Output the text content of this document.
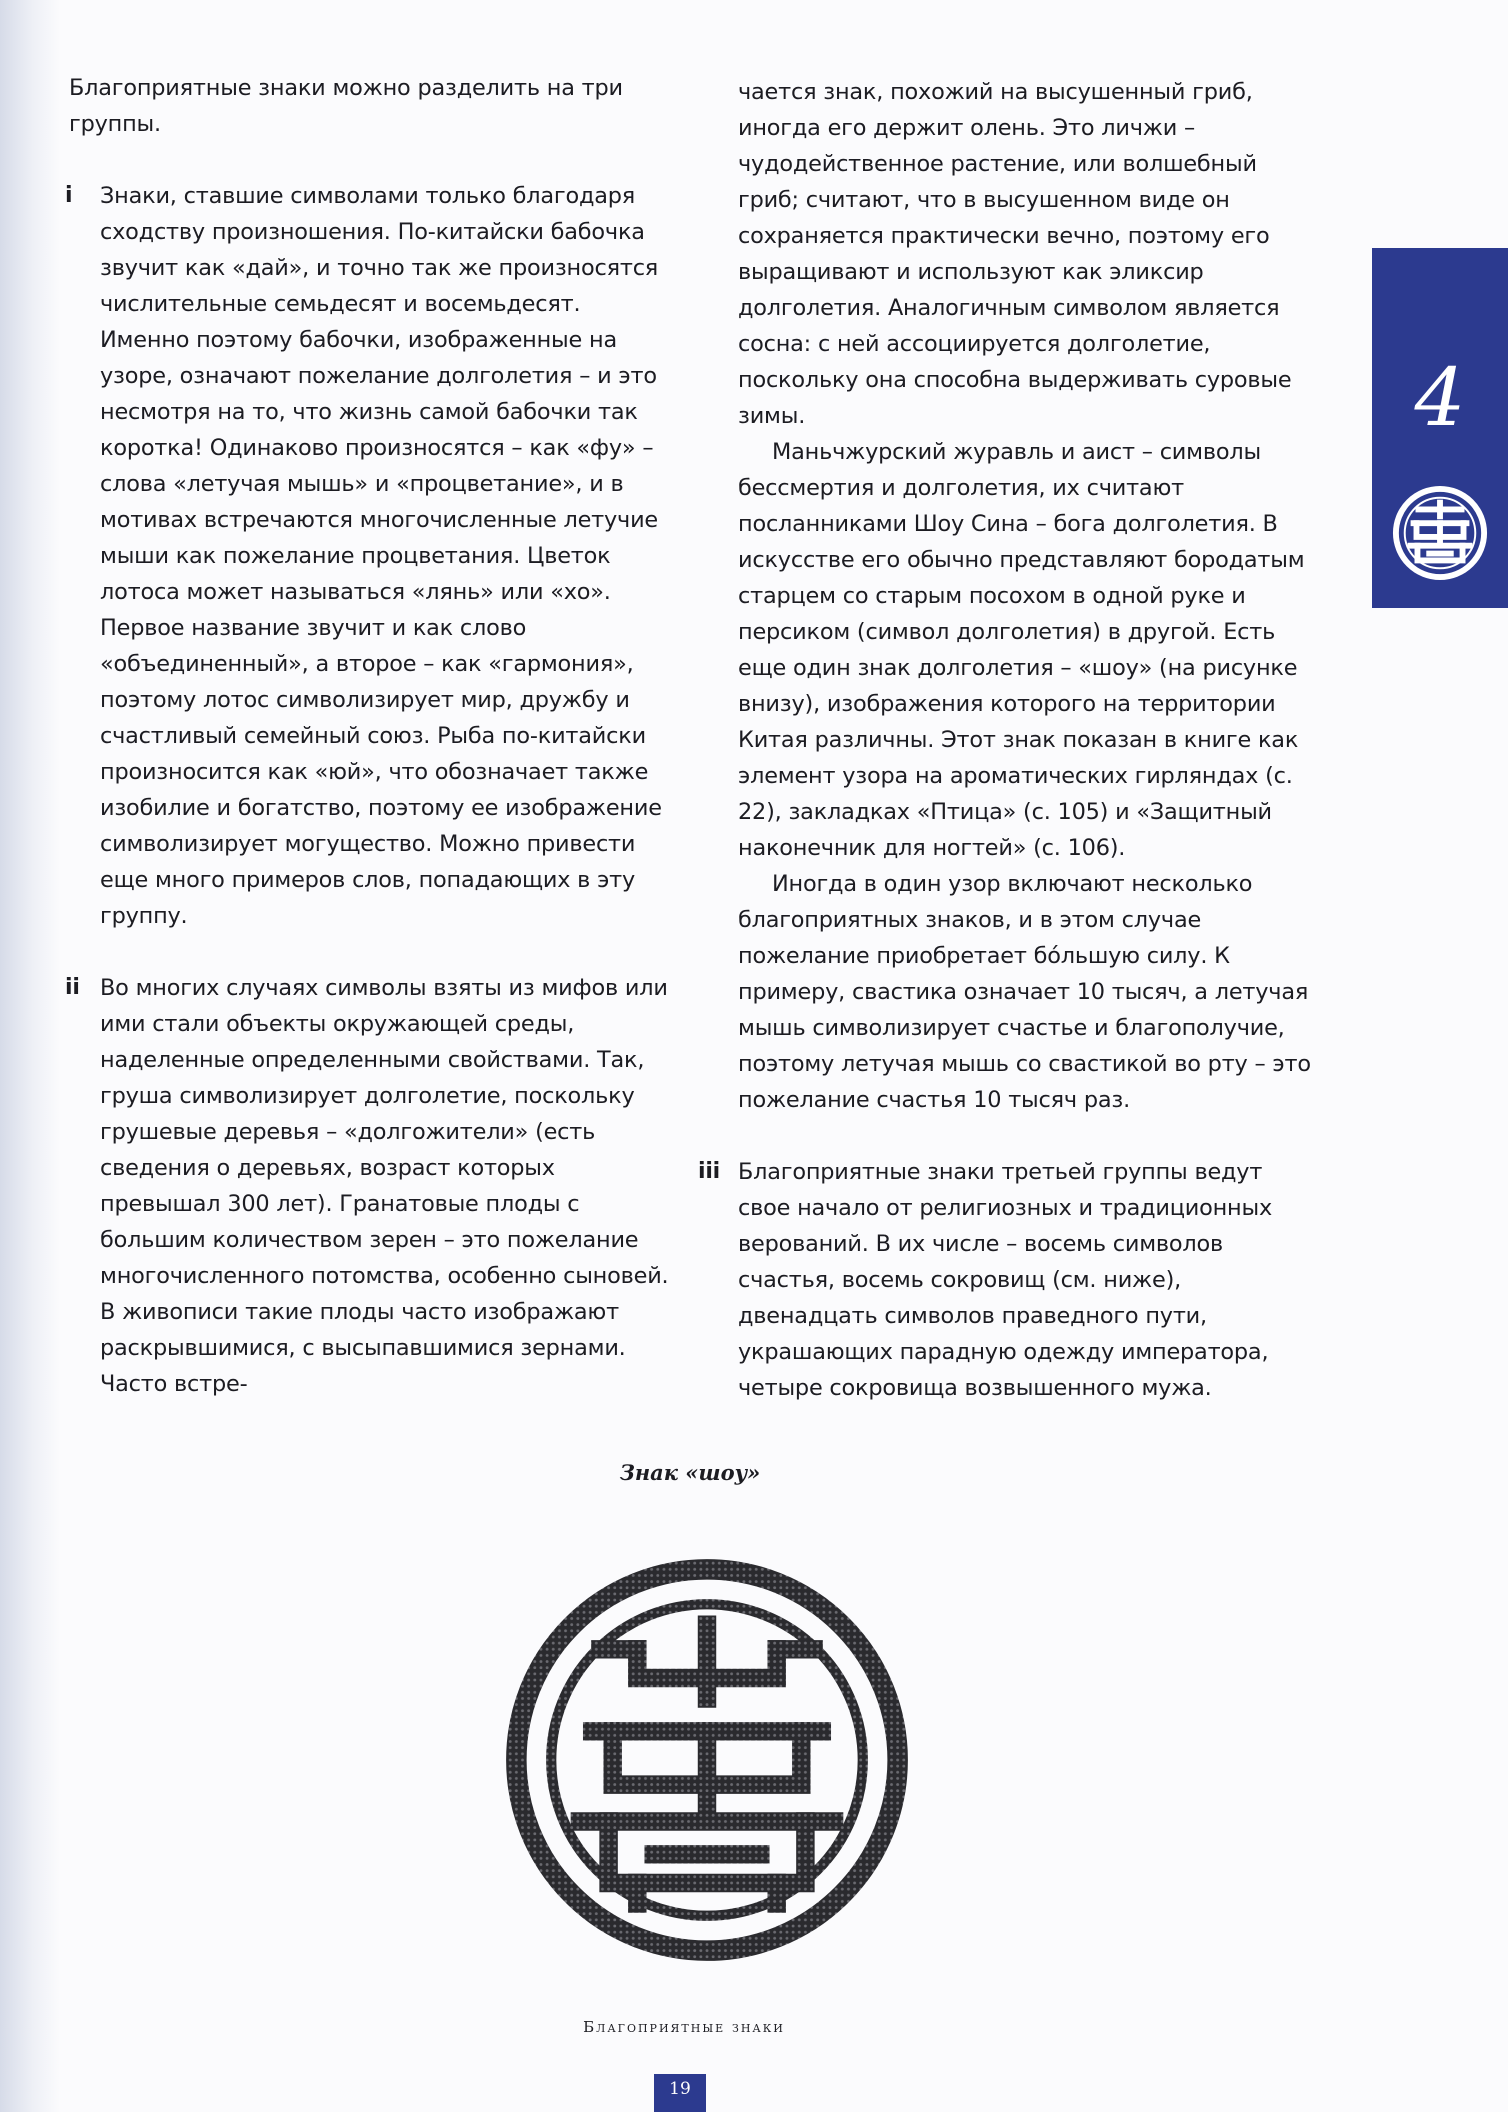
Благоприятные знаки можно разделить на три группы.

i Знаки, ставшие символами только благодаря сходству произношения. По-китайски бабочка звучит как «дай», и точно так же произносятся числительные семьдесят и восемьдесят. Именно поэтому бабочки, изображенные на узоре, означают пожелание долголетия – и это несмотря на то, что жизнь самой бабочки так коротка! Одинаково произносятся – как «фу» – слова «летучая мышь» и «процветание», и в мотивах встречаются многочисленные летучие мыши как пожелание процветания. Цветок лотоса может называться «лянь» или «хо». Первое название звучит и как слово «объединенный», а второе – как «гармония», поэтому лотос символизирует мир, дружбу и счастливый семейный союз. Рыба по-китайски произносится как «юй», что обозначает также изобилие и богатство, поэтому ее изображение символизирует могущество. Можно привести еще много примеров слов, попадающих в эту группу.

ii Во многих случаях символы взяты из мифов или ими стали объекты окружающей среды, наделенные определенными свойствами. Так, груша символизирует долголетие, поскольку грушевые деревья – «долгожители» (есть сведения о деревьях, возраст которых превышал 300 лет). Гранатовые плоды с большим количеством зерен – это пожелание многочисленного потомства, особенно сыновей. В живописи такие плоды часто изображают раскрывшимися, с высыпавшимися зернами. Часто встре-

чается знак, похожий на высушенный гриб, иногда его держит олень. Это личжи – чудодейственное растение, или волшебный гриб; считают, что в высушенном виде он сохраняется практически вечно, поэтому его выращивают и используют как эликсир долголетия. Аналогичным символом является сосна: с ней ассоциируется долголетие, поскольку она способна выдерживать суровые зимы.

Маньчжурский журавль и аист – символы бессмертия и долголетия, их считают посланниками Шоу Сина – бога долголетия. В искусстве его обычно представляют бородатым старцем со старым посохом в одной руке и персиком (символ долголетия) в другой. Есть еще один знак долголетия – «шоу» (на рисунке внизу), изображения которого на территории Китая различны. Этот знак показан в книге как элемент узора на ароматических гирляндах (с. 22), закладках «Птица» (с. 105) и «Защитный наконечник для ногтей» (с. 106).

Иногда в один узор включают несколько благоприятных знаков, и в этом случае пожелание приобретает бóльшую силу. К примеру, свастика означает 10 тысяч, а летучая мышь символизирует счастье и благополучие, поэтому летучая мышь со свастикой во рту – это пожелание счастья 10 тысяч раз.

iii Благоприятные знаки третьей группы ведут свое начало от религиозных и традиционных верований. В их числе – восемь символов счастья, восемь сокровищ (см. ниже), двенадцать символов праведного пути, украшающих парадную одежду императора, четыре сокровища возвышенного мужа.

4
Знак «шоу»
Благоприятные знаки
19
